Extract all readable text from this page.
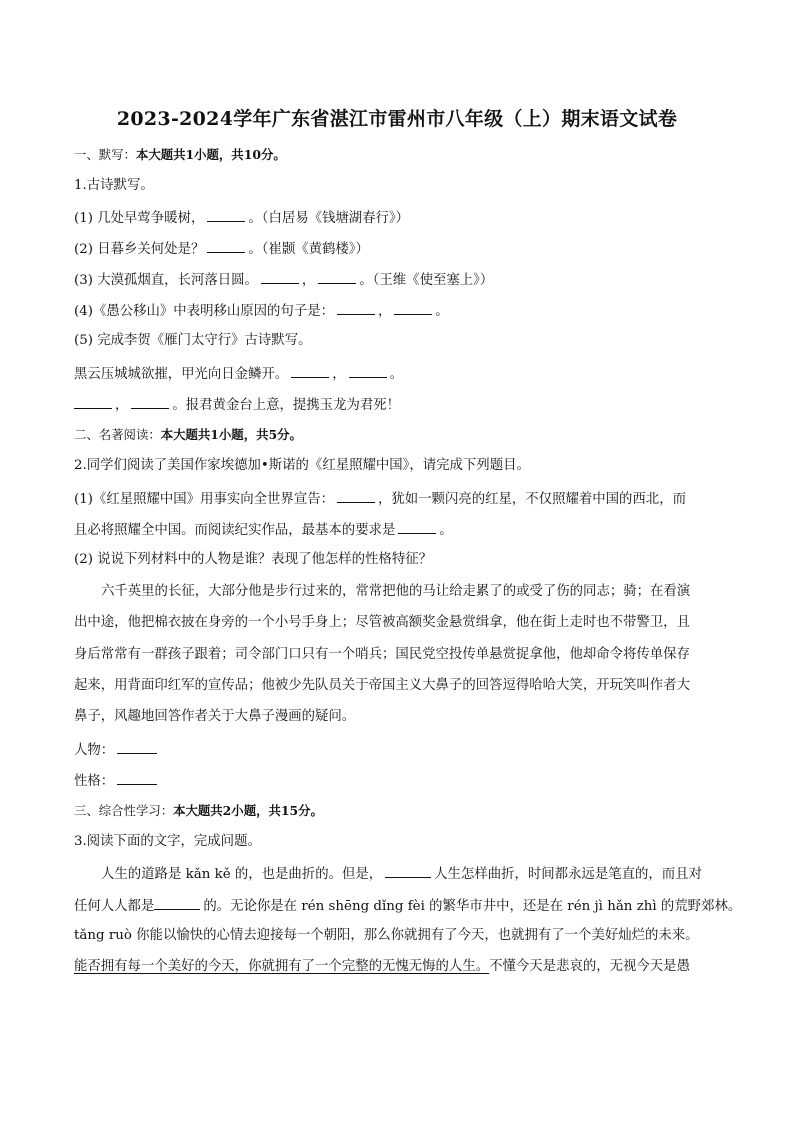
2023-2024学年广东省湛江市雷州市八年级（上）期末语文试卷
一、默写：本大题共1小题，共10分。
1.古诗默写。
(1) 几处早莺争暖树，	。（白居易《钱塘湖春行》）
(2) 日暮乡关何处是？	。（崔颢《黄鹤楼》）
(3) 大漠孤烟直，长河落日圆。	，	。（王维《使至塞上》）
(4)《愚公移山》中表明移山原因的句子是：	，	。
(5) 完成李贺《雁门太守行》古诗默写。
黑云压城城欲摧，甲光向日金鳞开。	，	。
，	。报君黄金台上意，提携玉龙为君死！
二、名著阅读：本大题共1小题，共5分。
2.同学们阅读了美国作家埃德加•斯诺的《红星照耀中国》，请完成下列题目。
(1)《红星照耀中国》用事实向全世界宣告：	，犹如一颗闪亮的红星，不仅照耀着中国的西北，而
且必将照耀全中国。而阅读纪实作品，最基本的要求是	。
(2) 说说下列材料中的人物是谁？表现了他怎样的性格特征？
六千英里的长征，大部分他是步行过来的，常常把他的马让给走累了的或受了伤的同志；骑；在看演
出中途，他把棉衣披在身旁的一个小号手身上；尽管被高额奖金悬赏缉拿，他在街上走时也不带警卫，且
身后常常有一群孩子跟着；司令部门口只有一个哨兵；国民党空投传单悬赏捉拿他，他却命令将传单保存
起来，用背面印红军的宣传品；他被少先队员关于帝国主义大鼻子的回答逗得哈哈大笑，开玩笑叫作者大
鼻子，风趣地回答作者关于大鼻子漫画的疑问。
人物：
性格：
三、综合性学习：本大题共2小题，共15分。
3.阅读下面的文字，完成问题。
人生的道路是 kǎn kě 的，也是曲折的。但是，	人生怎样曲折，时间都永远是笔直的，而且对
任何人人都是	的。无论你是在 rén shēng dǐng fèi 的繁华市井中，还是在 rén jì hǎn zhì 的荒野郊林。
tǎng ruò 你能以愉快的心情去迎接每一个朝阳，那么你就拥有了今天，也就拥有了一个美好灿烂的未来。
能否拥有每一个美好的今天，你就拥有了一个完整的无愧无悔的人生。不懂今天是悲哀的，无视今天是愚
